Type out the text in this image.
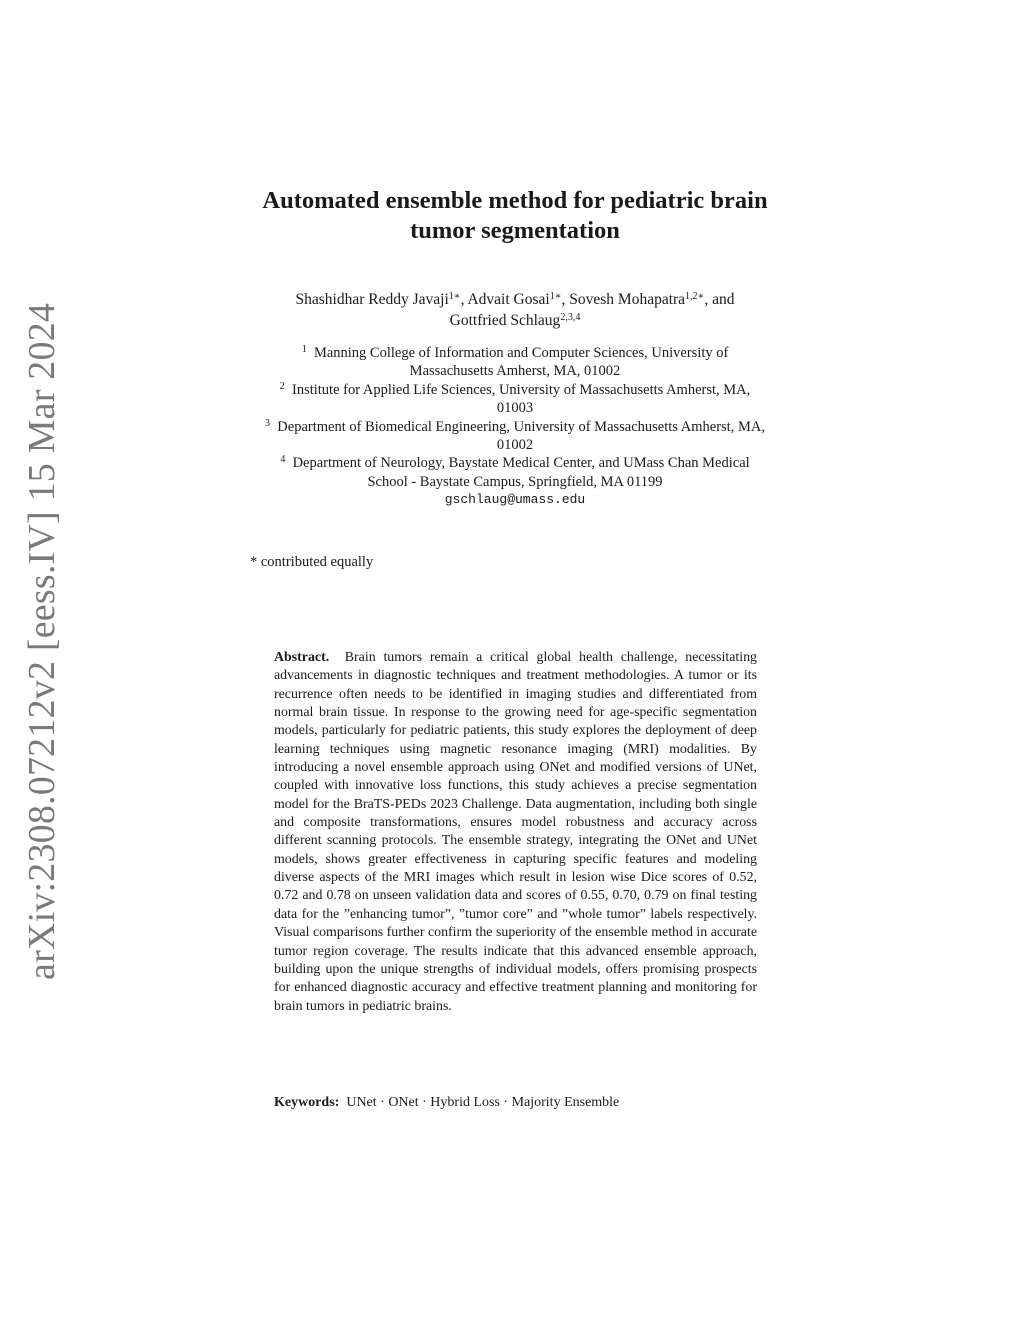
arXiv:2308.07212v2 [eess.IV] 15 Mar 2024
Automated ensemble method for pediatric brain
tumor segmentation
Shashidhar Reddy Javaji$^{1∗}$, Advait Gosai$^{1∗}$, Sovesh Mohapatra$^{1,2∗}$, and
Gottfried Schlaug$^{2,3,4}$
$^1$ Manning College of Information and Computer Sciences, University of
Massachusetts Amherst, MA, 01002
$^2$ Institute for Applied Life Sciences, University of Massachusetts Amherst, MA,
01003
$^3$ Department of Biomedical Engineering, University of Massachusetts Amherst, MA,
01002
$^4$ Department of Neurology, Baystate Medical Center, and UMass Chan Medical
School - Baystate Campus, Springfield, MA 01199
gschlaug@umass.edu
* contributed equally
Abstract. Brain tumors remain a critical global health challenge, necessitating advancements in diagnostic techniques and treatment methodologies. A tumor or its recurrence often needs to be identified in imaging studies and differentiated from normal brain tissue. In response to the growing need for age-specific segmentation models, particularly for pediatric patients, this study explores the deployment of deep learning techniques using magnetic resonance imaging (MRI) modalities. By introducing a novel ensemble approach using ONet and modified versions of UNet, coupled with innovative loss functions, this study achieves a precise segmentation model for the BraTS-PEDs 2023 Challenge. Data augmentation, including both single and composite transformations, ensures model robustness and accuracy across different scanning protocols. The ensemble strategy, integrating the ONet and UNet models, shows greater effectiveness in capturing specific features and modeling diverse aspects of the MRI images which result in lesion wise Dice scores of 0.52, 0.72 and 0.78 on unseen validation data and scores of 0.55, 0.70, 0.79 on final testing data for the ”enhancing tumor”, ”tumor core” and ”whole tumor” labels respectively. Visual comparisons further confirm the superiority of the ensemble method in accurate tumor region coverage. The results indicate that this advanced ensemble approach, building upon the unique strengths of individual models, offers promising prospects for enhanced diagnostic accuracy and effective treatment planning and monitoring for brain tumors in pediatric brains.
Keywords: UNet · ONet · Hybrid Loss · Majority Ensemble
